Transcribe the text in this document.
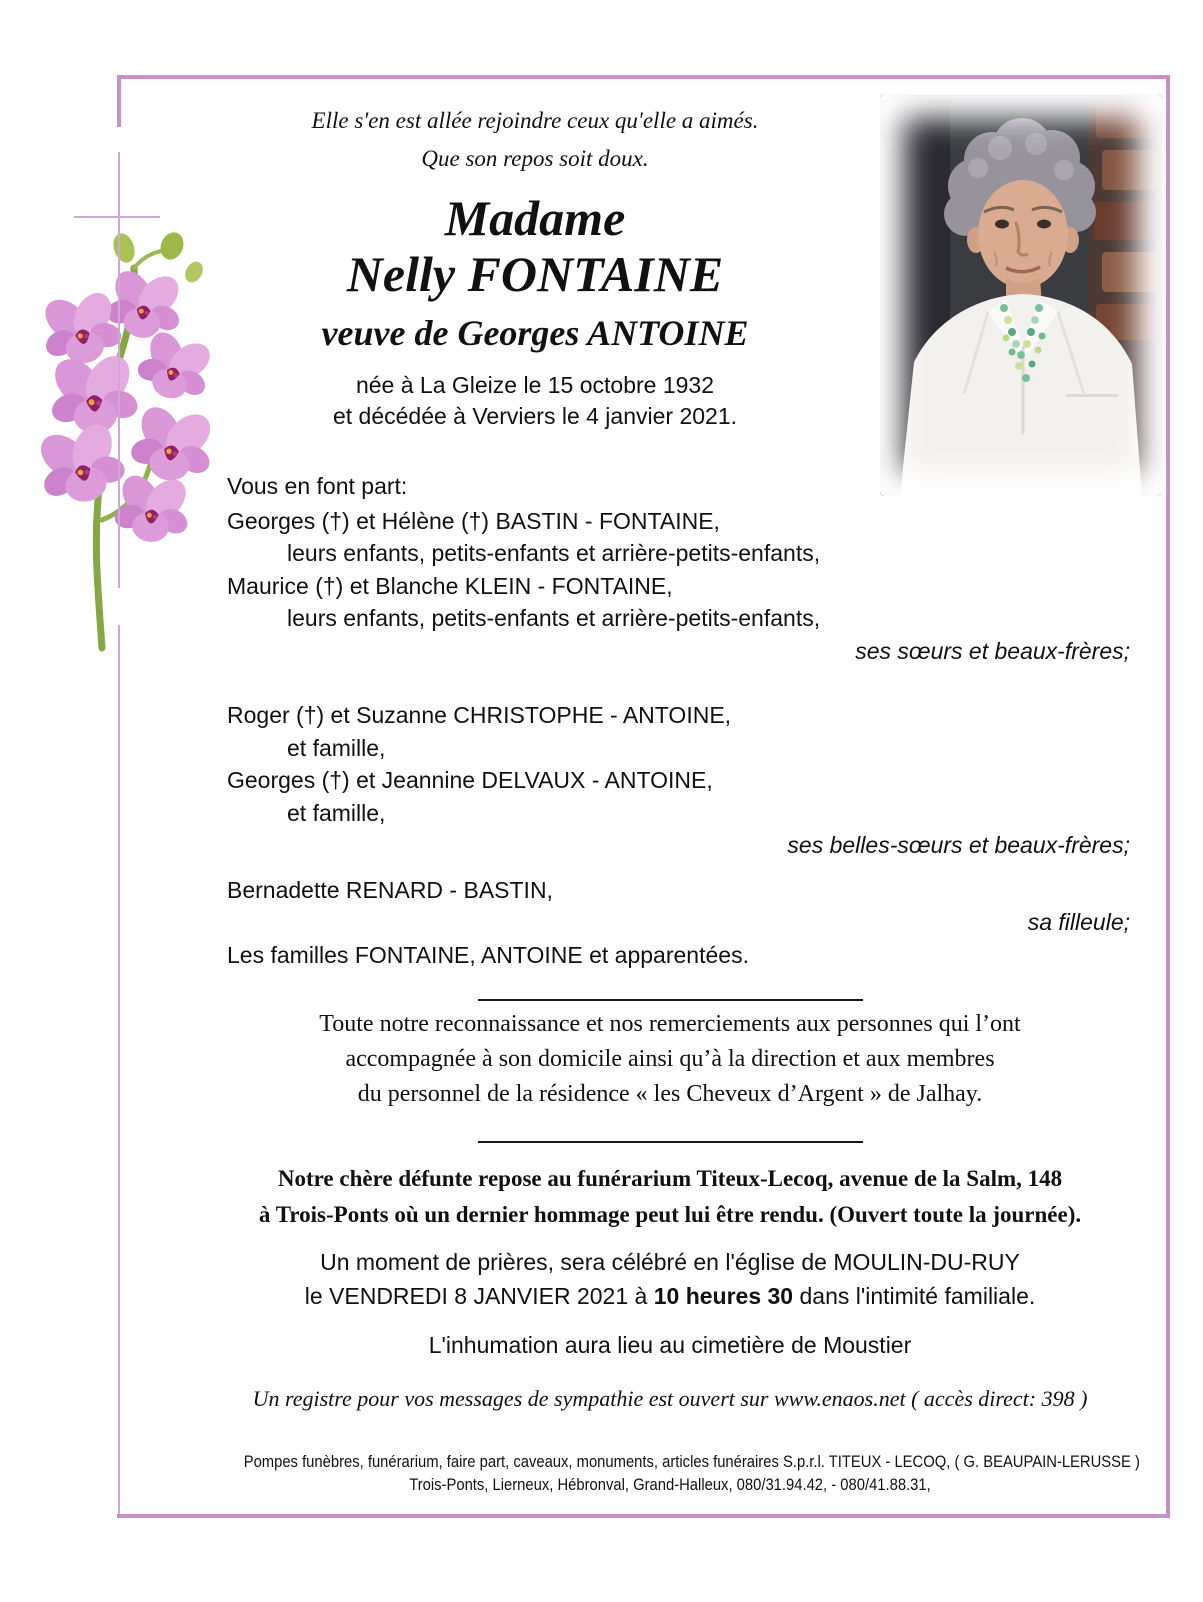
Elle s'en est allée rejoindre ceux qu'elle a aimés.
Que son repos soit doux.
Madame
Nelly FONTAINE
veuve de Georges ANTOINE
née à La Gleize le 15 octobre 1932
et décédée à Verviers le 4 janvier 2021.
Vous en font part:
Georges (†) et Hélène (†) BASTIN - FONTAINE,
leurs enfants, petits-enfants et arrière-petits-enfants,
Maurice (†) et Blanche KLEIN - FONTAINE,
leurs enfants, petits-enfants et arrière-petits-enfants,
ses sœurs et beaux-frères;
Roger (†) et Suzanne CHRISTOPHE - ANTOINE,
et famille,
Georges (†) et Jeannine DELVAUX - ANTOINE,
et famille,
ses belles-sœurs et beaux-frères;
Bernadette RENARD - BASTIN,
sa filleule;
Les familles FONTAINE, ANTOINE et apparentées.
Toute notre reconnaissance et nos remerciements aux personnes qui l’ont
accompagnée à son domicile ainsi qu’à la direction et aux membres
du personnel de la résidence « les Cheveux d’Argent » de Jalhay.
Notre chère défunte repose au funérarium Titeux-Lecoq, avenue de la Salm, 148
à Trois-Ponts où un dernier hommage peut lui être rendu. (Ouvert toute la journée).
Un moment de prières, sera célébré en l'église de MOULIN-DU-RUY
le VENDREDI 8 JANVIER 2021 à 10 heures 30 dans l'intimité familiale.
L'inhumation aura lieu au cimetière de Moustier
Un registre pour vos messages de sympathie est ouvert sur www.enaos.net ( accès direct: 398 )
Pompes funèbres, funérarium, faire part, caveaux, monuments, articles funéraires S.p.r.l. TITEUX - LECOQ, ( G. BEAUPAIN-LERUSSE )
Trois-Ponts, Lierneux, Hébronval, Grand-Halleux, 080/31.94.42, - 080/41.88.31,
